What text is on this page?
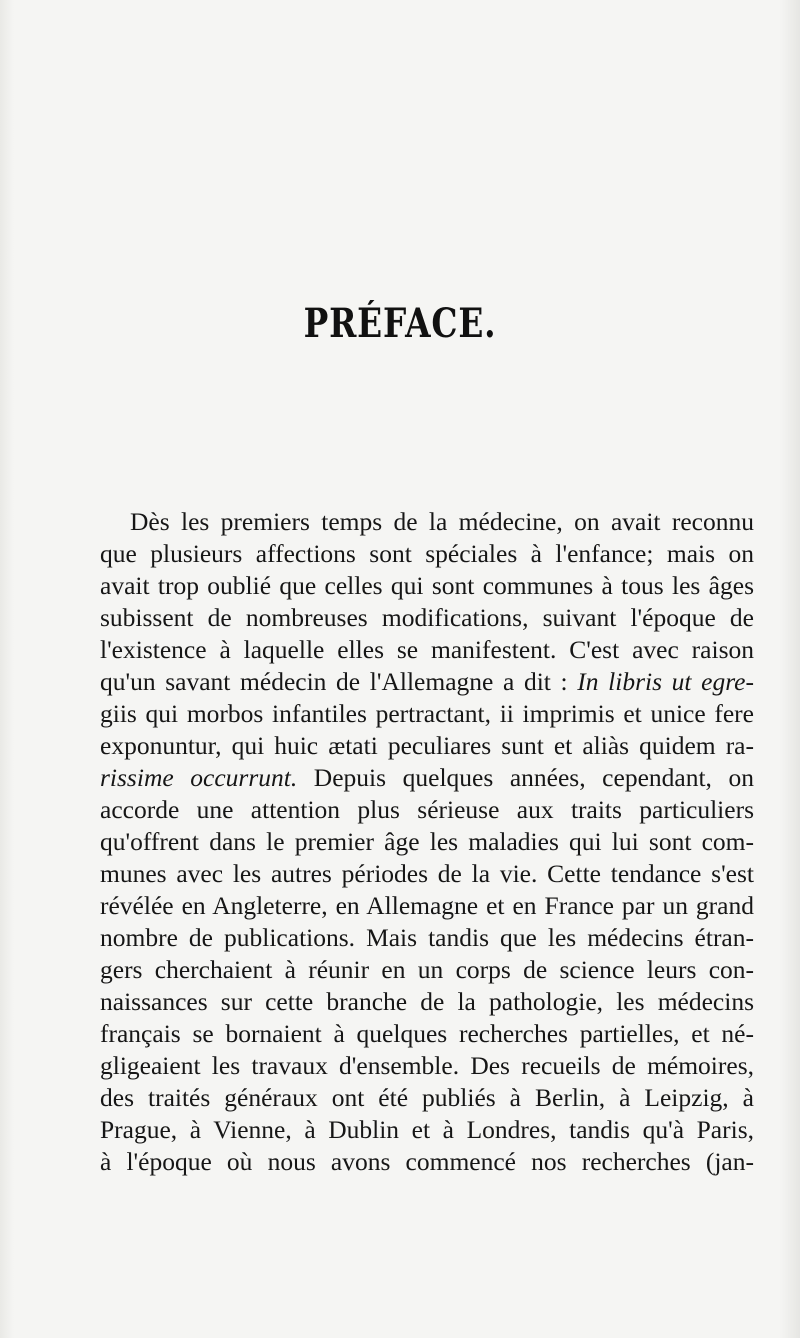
PRÉFACE.
Dès les premiers temps de la médecine, on avait reconnu
que plusieurs affections sont spéciales à l'enfance; mais on
avait trop oublié que celles qui sont communes à tous les âges
subissent de nombreuses modifications, suivant l'époque de
l'existence à laquelle elles se manifestent. C'est avec raison
qu'un savant médecin de l'Allemagne a dit : In libris ut egre-
giis qui morbos infantiles pertractant, ii imprimis et unice fere
exponuntur, qui huic ætati peculiares sunt et aliàs quidem ra-
rissime occurrunt. Depuis quelques années, cependant, on
accorde une attention plus sérieuse aux traits particuliers
qu'offrent dans le premier âge les maladies qui lui sont com-
munes avec les autres périodes de la vie. Cette tendance s'est
révélée en Angleterre, en Allemagne et en France par un grand
nombre de publications. Mais tandis que les médecins étran-
gers cherchaient à réunir en un corps de science leurs con-
naissances sur cette branche de la pathologie, les médecins
français se bornaient à quelques recherches partielles, et né-
gligeaient les travaux d'ensemble. Des recueils de mémoires,
des traités généraux ont été publiés à Berlin, à Leipzig, à
Prague, à Vienne, à Dublin et à Londres, tandis qu'à Paris,
à l'époque où nous avons commencé nos recherches (jan-
